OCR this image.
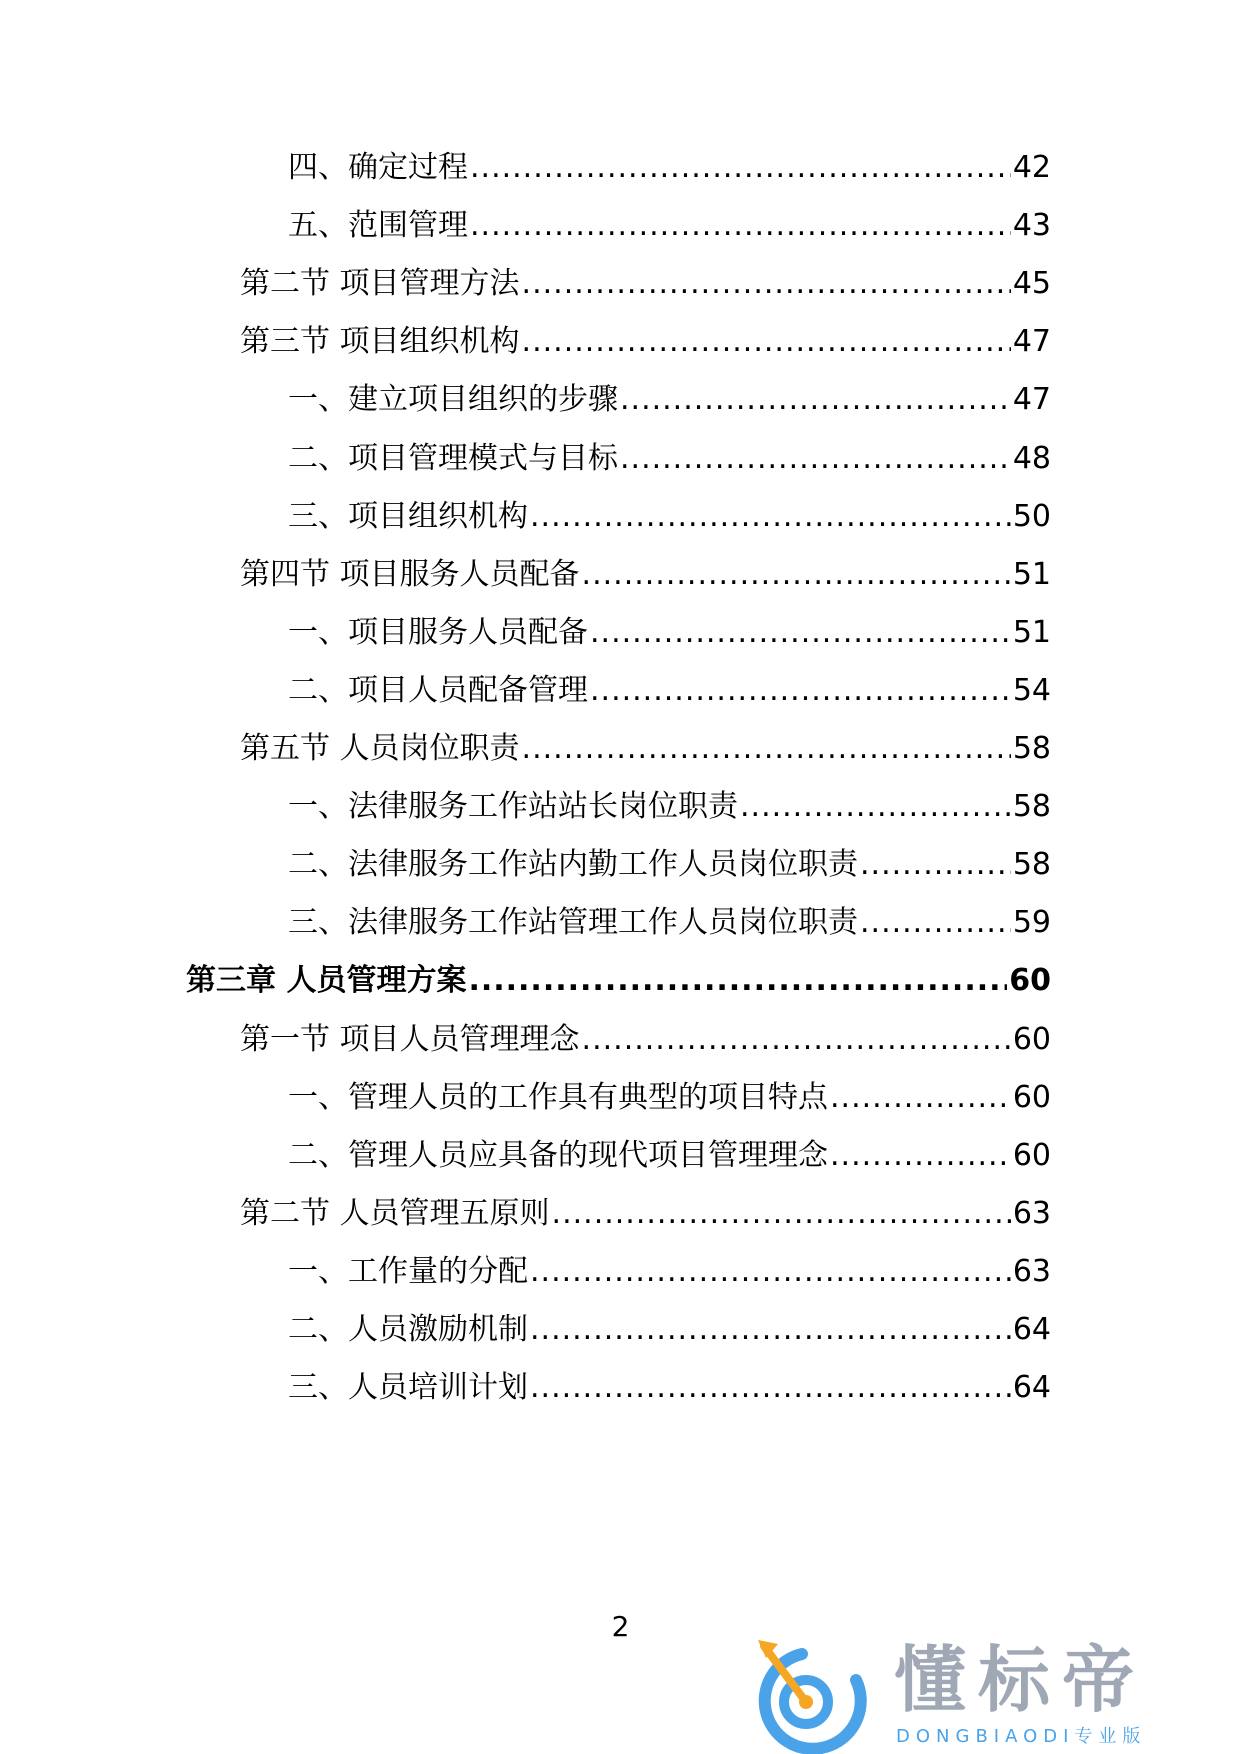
四、确定过程 .....	42
五、范围管理 .....	43
第二节 项目管理方法 .....	45
第三节 项目组织机构 .....	47
一、建立项目组织的步骤 .....	47
二、项目管理模式与目标 .....	48
三、项目组织机构 .....	50
第四节 项目服务人员配备 .....	51
一、项目服务人员配备 .....	51
二、项目人员配备管理 .....	54
第五节 人员岗位职责 .....	58
一、法律服务工作站站长岗位职责 .....	58
二、法律服务工作站内勤工作人员岗位职责 .....	58
三、法律服务工作站管理工作人员岗位职责 .....	59
第三章 人员管理方案 .....	60
第一节 项目人员管理理念 .....	60
一、管理人员的工作具有典型的项目特点 .....	60
二、管理人员应具备的现代项目管理理念 .....	60
第二节 人员管理五原则 .....	63
一、工作量的分配 .....	63
二、人员激励机制 .....	64
三、人员培训计划 .....	64
2
懂标帝
DONGBIAODI专业版
